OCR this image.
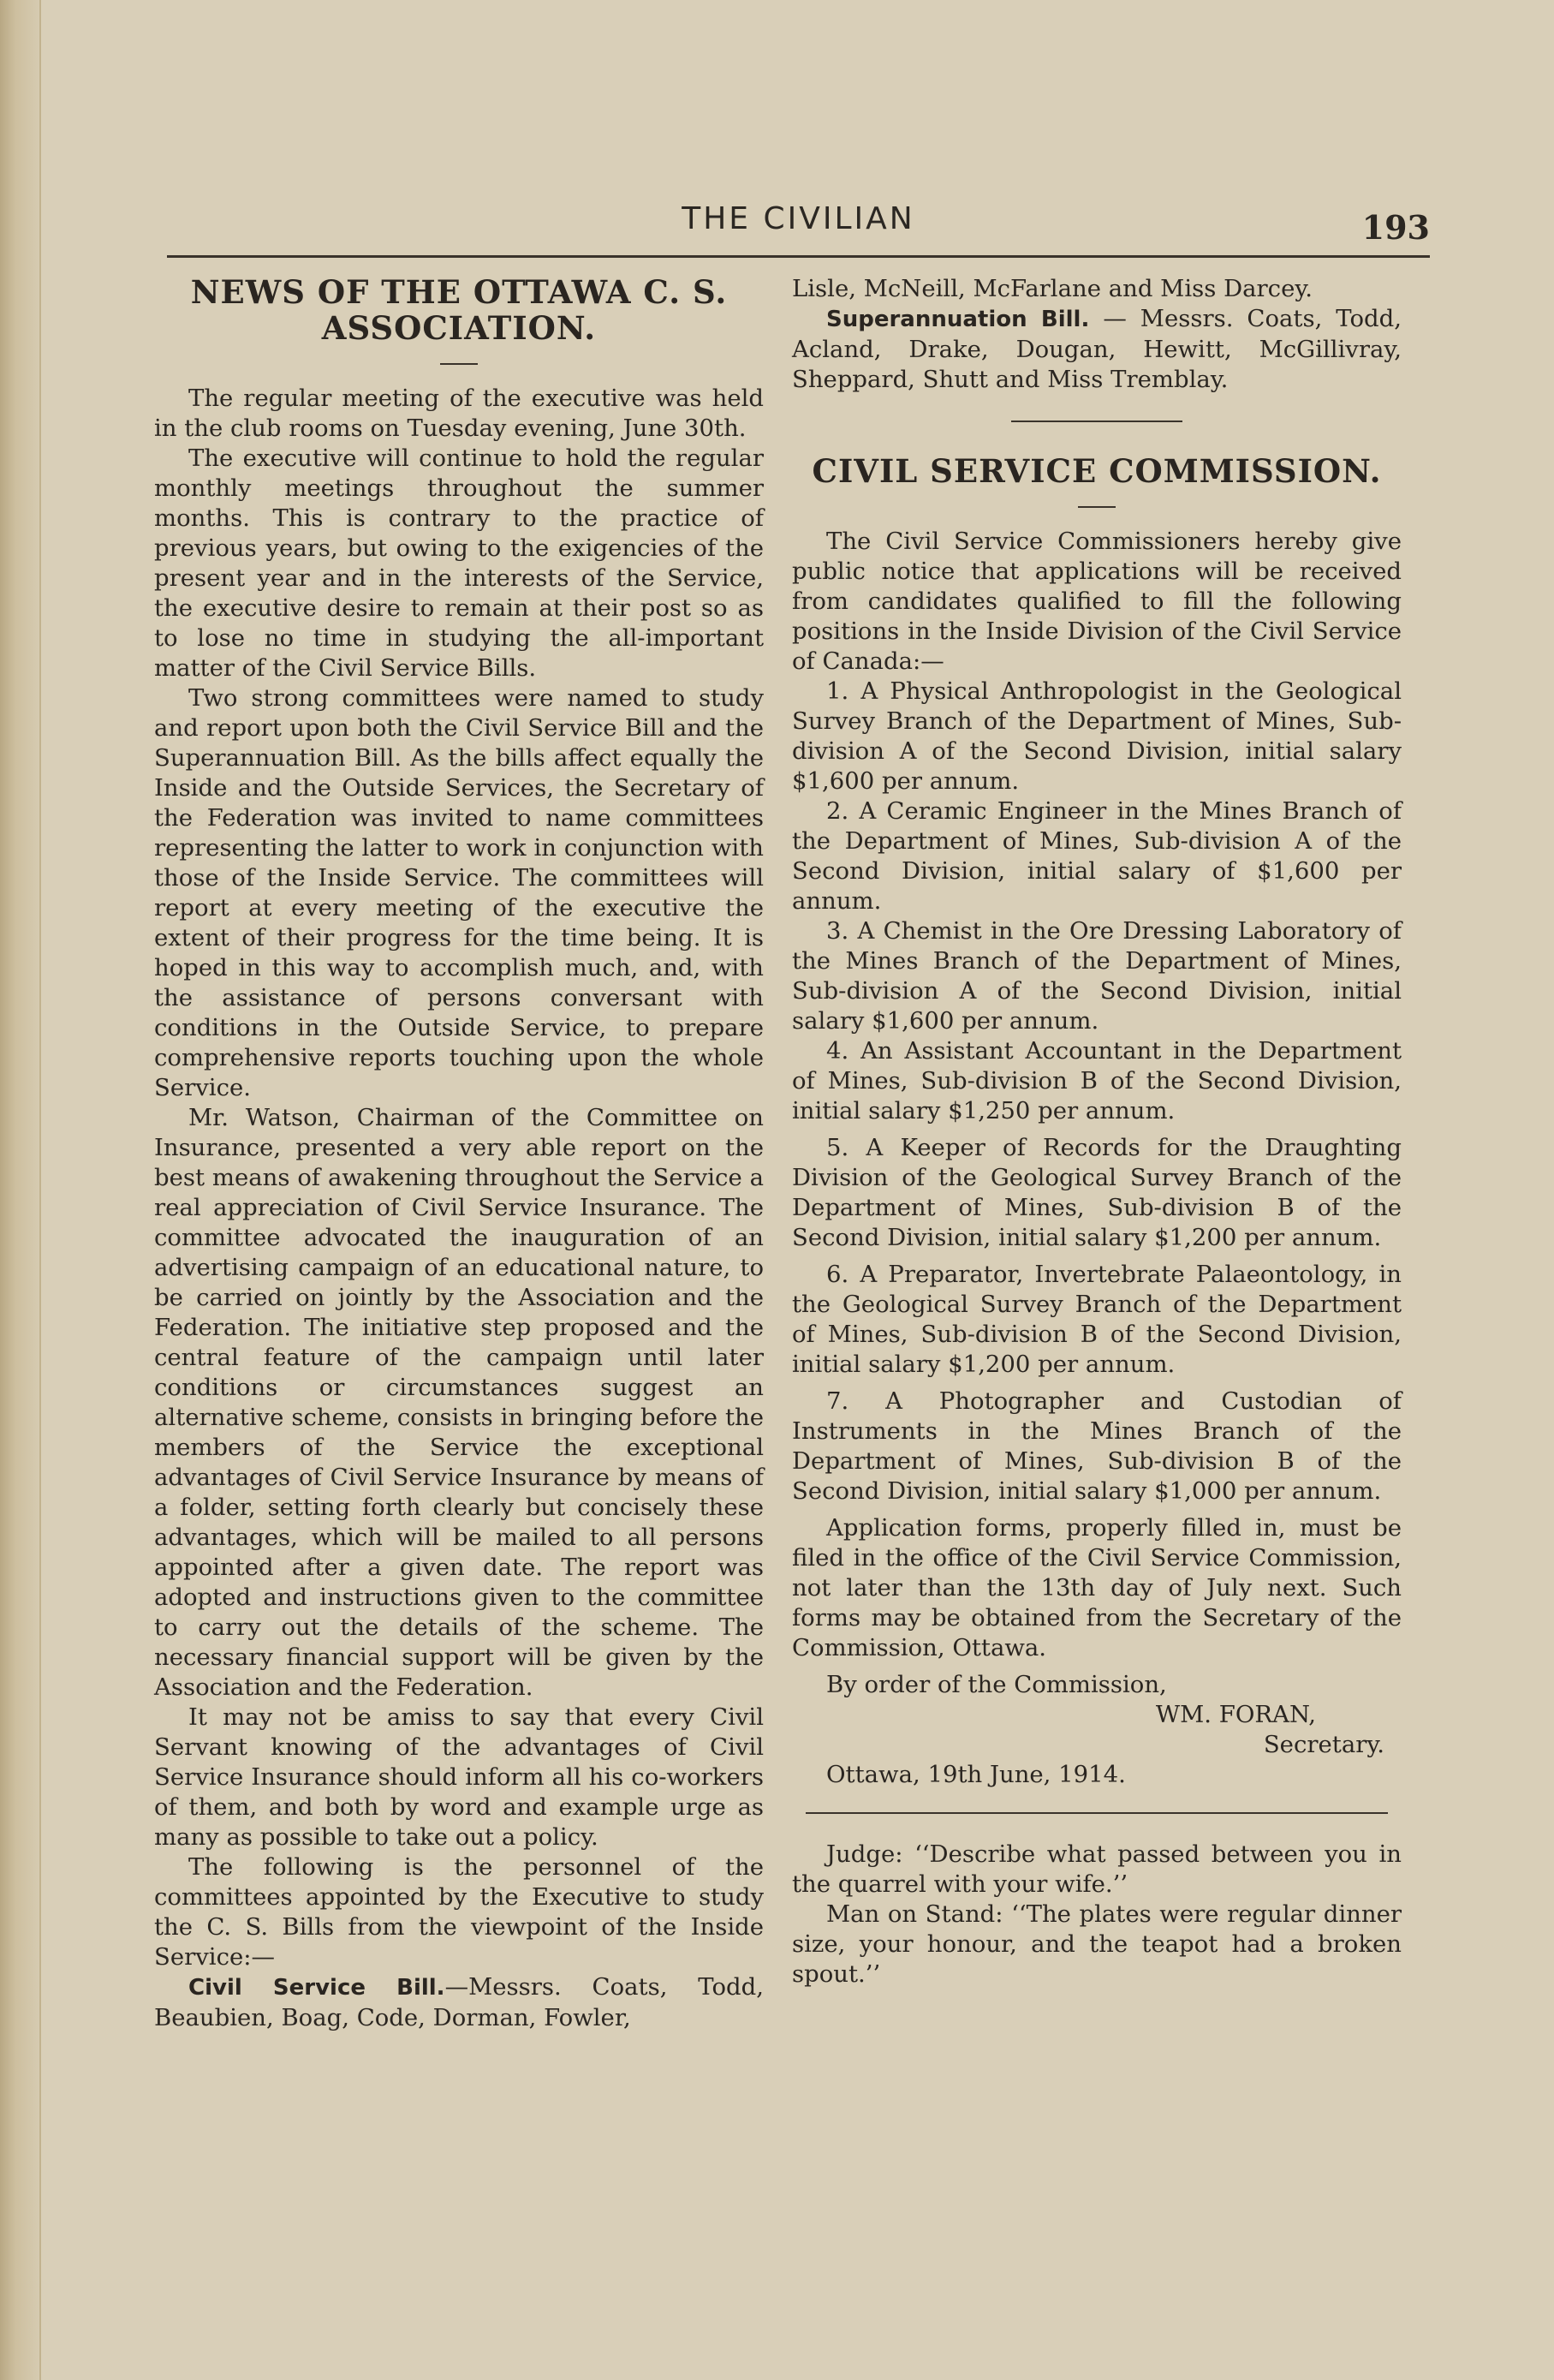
THE CIVILIAN	193
NEWS OF THE OTTAWA C. S. ASSOCIATION.

The regular meeting of the executive was held in the club rooms on Tuesday evening, June 30th.

The executive will continue to hold the regular monthly meetings throughout the summer months. This is contrary to the practice of previous years, but owing to the exigencies of the present year and in the interests of the Service, the executive desire to remain at their post so as to lose no time in studying the all-important matter of the Civil Service Bills.

Two strong committees were named to study and report upon both the Civil Service Bill and the Superannuation Bill. As the bills affect equally the Inside and the Outside Services, the Secretary of the Federation was invited to name committees representing the latter to work in conjunction with those of the Inside Service. The committees will report at every meeting of the executive the extent of their progress for the time being. It is hoped in this way to accomplish much, and, with the assistance of persons conversant with conditions in the Outside Service, to prepare comprehensive reports touching upon the whole Service.

Mr. Watson, Chairman of the Committee on Insurance, presented a very able report on the best means of awakening throughout the Service a real appreciation of Civil Service Insurance. The committee advocated the inauguration of an advertising campaign of an educational nature, to be carried on jointly by the Association and the Federation. The initiative step proposed and the central feature of the campaign until later conditions or circumstances suggest an alternative scheme, consists in bringing before the members of the Service the exceptional advantages of Civil Service Insurance by means of a folder, setting forth clearly but concisely these advantages, which will be mailed to all persons appointed after a given date. The report was adopted and instructions given to the committee to carry out the details of the scheme. The necessary financial support will be given by the Association and the Federation.

It may not be amiss to say that every Civil Servant knowing of the advantages of Civil Service Insurance should inform all his co-workers of them, and both by word and example urge as many as possible to take out a policy.

The following is the personnel of the committees appointed by the Executive to study the C. S. Bills from the viewpoint of the Inside Service:—

Civil Service Bill.—Messrs. Coats, Todd, Beaubien, Boag, Code, Dorman, Fowler,

Lisle, McNeill, McFarlane and Miss Darcey.

Superannuation Bill. — Messrs. Coats, Todd, Acland, Drake, Dougan, Hewitt, McGillivray, Sheppard, Shutt and Miss Tremblay.

CIVIL SERVICE COMMISSION.

The Civil Service Commissioners hereby give public notice that applications will be received from candidates qualified to fill the following positions in the Inside Division of the Civil Service of Canada:—

1. A Physical Anthropologist in the Geological Survey Branch of the Department of Mines, Sub-division A of the Second Division, initial salary $1,600 per annum.

2. A Ceramic Engineer in the Mines Branch of the Department of Mines, Sub-division A of the Second Division, initial salary of $1,600 per annum.

3. A Chemist in the Ore Dressing Laboratory of the Mines Branch of the Department of Mines, Sub-division A of the Second Division, initial salary $1,600 per annum.

4. An Assistant Accountant in the Department of Mines, Sub-division B of the Second Division, initial salary $1,250 per annum.

5. A Keeper of Records for the Draughting Division of the Geological Survey Branch of the Department of Mines, Sub-division B of the Second Division, initial salary $1,200 per annum.

6. A Preparator, Invertebrate Palaeontology, in the Geological Survey Branch of the Department of Mines, Sub-division B of the Second Division, initial salary $1,200 per annum.

7. A Photographer and Custodian of Instruments in the Mines Branch of the Department of Mines, Sub-division B of the Second Division, initial salary $1,000 per annum.

Application forms, properly filled in, must be filed in the office of the Civil Service Commission, not later than the 13th day of July next. Such forms may be obtained from the Secretary of the Commission, Ottawa.

By order of the Commission,

WM. FORAN,

Secretary.

Ottawa, 19th June, 1914.

Judge: ‘‘Describe what passed between you in the quarrel with your wife.’’

Man on Stand: ‘‘The plates were regular dinner size, your honour, and the teapot had a broken spout.’’
